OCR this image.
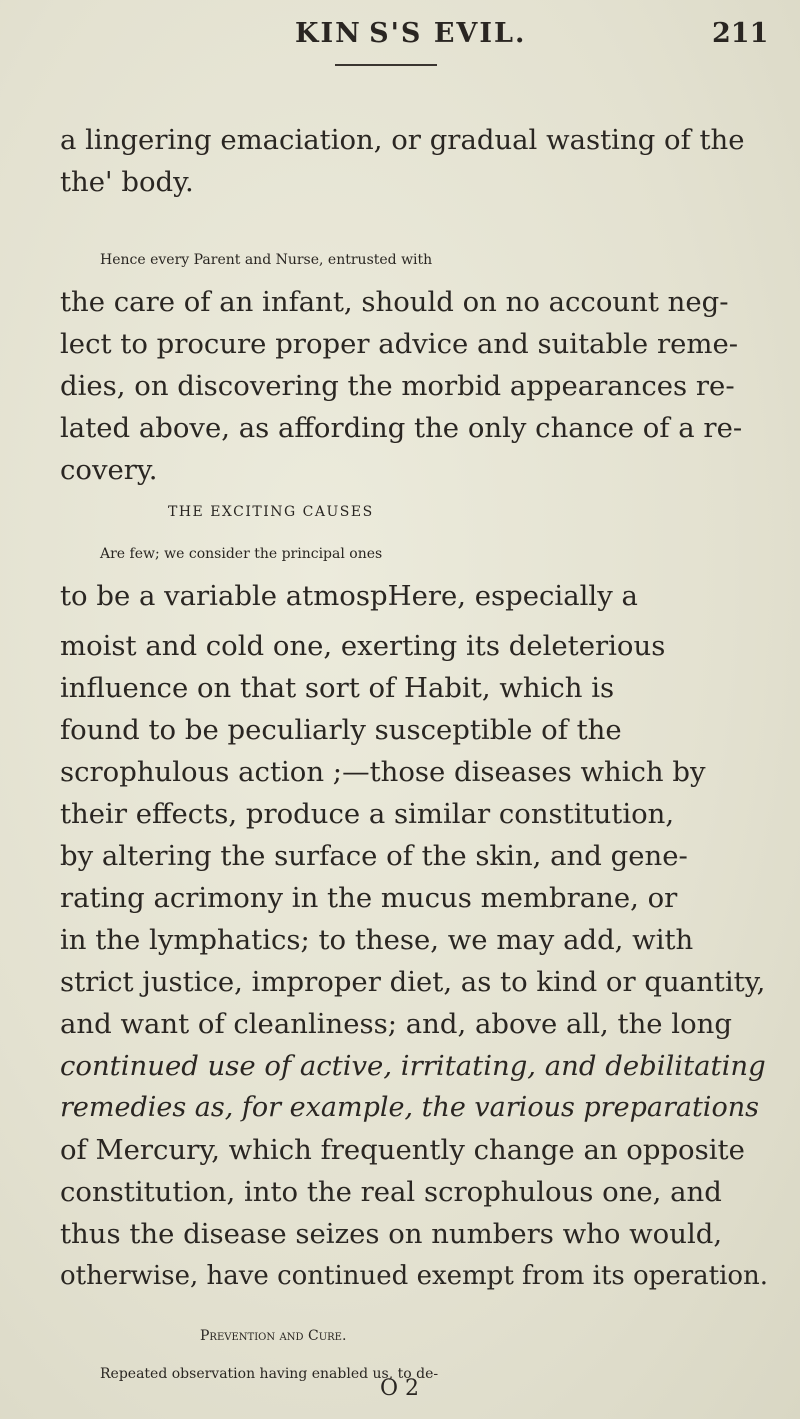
KIN S'S EVIL.	211
a lingering emaciation, or gradual wasting of the
the' body.
Hence every Parent and Nurse, entrusted with
the care of an infant, should on no account neg-
lect to procure proper advice and suitable reme-
dies, on discovering the morbid appearances re-
lated above, as affording the only chance of a re-
covery.
THE EXCITING CAUSES
Are few; we consider the principal ones
to be a variable atmospHere, especially a
moist and cold one, exerting its deleterious
influence on that sort of Habit, which is
found to be peculiarly susceptible of the
scrophulous action ;—those diseases which by
their effects, produce a similar constitution,
by altering the surface of the skin, and gene-
rating acrimony in the mucus membrane, or
in the lymphatics; to these, we may add, with
strict justice, improper diet, as to kind or quantity,
and want of cleanliness; and, above all, the long
continued use of active, irritating, and debilitating
remedies as, for example, the various preparations
of Mercury, which frequently change an opposite
constitution, into the real scrophulous one, and
thus the disease seizes on numbers who would,
otherwise, have continued exempt from its operation.
Prevention and Cure.
Repeated observation having enabled us, to de-
O 2
